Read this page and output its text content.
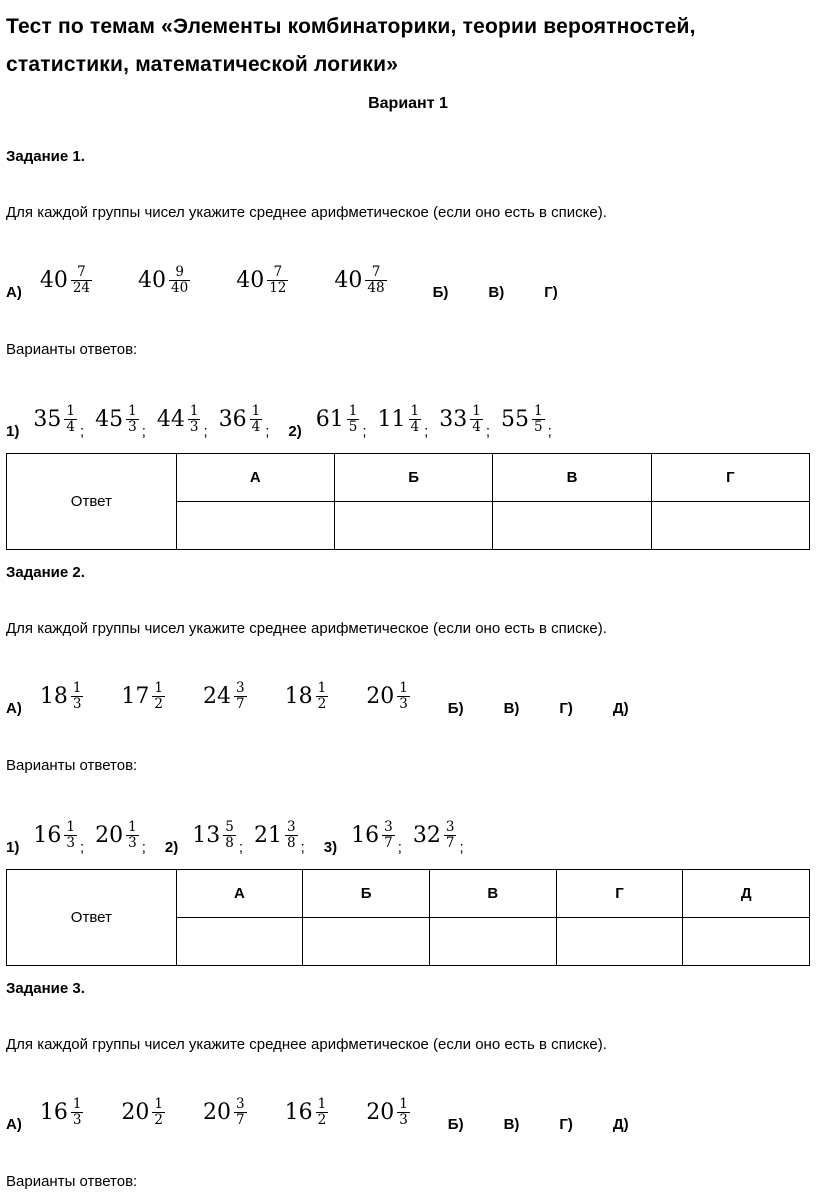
Тест по темам «Элементы комбинаторики, теории вероятностей,
статистики, математической логики»
Вариант 1
Задание 1.
Для каждой группы чисел укажите среднее арифметическое (если оно есть в списке).
А) $40 \frac{7}{24} 40 \frac{9}{40} 40 \frac{7}{12} 40 \frac{7}{48}$	Б)	В)	Г)
Варианты ответов:
1) $35 \frac{1}{4}$ ; $45 \frac{1}{3}$ ; $44 \frac{1}{3}$ ; $36 \frac{1}{4}$ ; 2) $61 \frac{1}{5}$ ; $11 \frac{1}{4}$ ; $33 \frac{1}{4}$ ; $55 \frac{1}{5}$ ;
Ответ	А	Б	В	Г

Задание 2.
Для каждой группы чисел укажите среднее арифметическое (если оно есть в списке).
А) $18 \frac{1}{3} 17 \frac{1}{2} 24 \frac{3}{7} 18 \frac{1}{2} 20 \frac{1}{3}$	Б)	В)	Г)	Д)
Варианты ответов:
1) $16 \frac{1}{3}$ ; $20 \frac{1}{3}$ ; 2) $13 \frac{5}{8}$ ; $21 \frac{3}{8}$ ; 3) $16 \frac{3}{7}$ ; $32 \frac{3}{7}$ ;
Ответ	А	Б	В	Г	Д

Задание 3.
Для каждой группы чисел укажите среднее арифметическое (если оно есть в списке).
А) $16 \frac{1}{3} 20 \frac{1}{2} 20 \frac{3}{7} 16 \frac{1}{2} 20 \frac{1}{3}$	Б)	В)	Г)	Д)
Варианты ответов:
